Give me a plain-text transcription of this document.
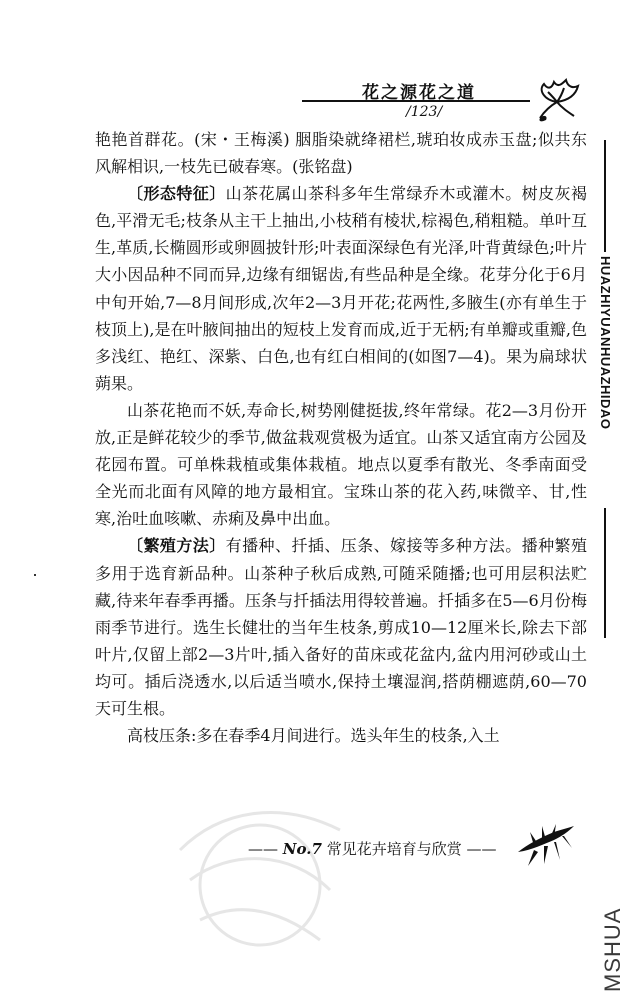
花之源花之道
/123/
HUAZHIYUANHUAZHIDAO

艳艳首群花。(宋・王梅溪) 胭脂染就绛裙栏,琥珀妆成赤玉盘;似共东风解相识,一枝先已破春寒。(张铭盘)

〔形态特征〕山茶花属山茶科多年生常绿乔木或灌木。树皮灰褐色,平滑无毛;枝条从主干上抽出,小枝稍有棱状,棕褐色,稍粗糙。单叶互生,革质,长椭圆形或卵圆披针形;叶表面深绿色有光泽,叶背黄绿色;叶片大小因品种不同而异,边缘有细锯齿,有些品种是全缘。花芽分化于6月中旬开始,7—8月间形成,次年2—3月开花;花两性,多腋生(亦有单生于枝顶上),是在叶腋间抽出的短枝上发育而成,近于无柄;有单瓣或重瓣,色多浅红、艳红、深紫、白色,也有红白相间的(如图7—4)。果为扁球状蒴果。

山茶花艳而不妖,寿命长,树势刚健挺拔,终年常绿。花2—3月份开放,正是鲜花较少的季节,做盆栽观赏极为适宜。山茶又适宜南方公园及花园布置。可单株栽植或集体栽植。地点以夏季有散光、冬季南面受全光而北面有风障的地方最相宜。宝珠山茶的花入药,味微辛、甘,性寒,治吐血咳嗽、赤痢及鼻中出血。

〔繁殖方法〕有播种、扦插、压条、嫁接等多种方法。播种繁殖多用于选育新品种。山茶种子秋后成熟,可随采随播;也可用层积法贮藏,待来年春季再播。压条与扦插法用得较普遍。扦插多在5—6月份梅雨季节进行。选生长健壮的当年生枝条,剪成10—12厘米长,除去下部叶片,仅留上部2—3片叶,插入备好的苗床或花盆内,盆内用河砂或山土均可。插后浇透水,以后适当喷水,保持土壤湿润,搭荫棚遮荫,60—70天可生根。

高枝压条:多在春季4月间进行。选头年生的枝条,入土

—— No.7 常见花卉培育与欣赏 ——
MSHUA
